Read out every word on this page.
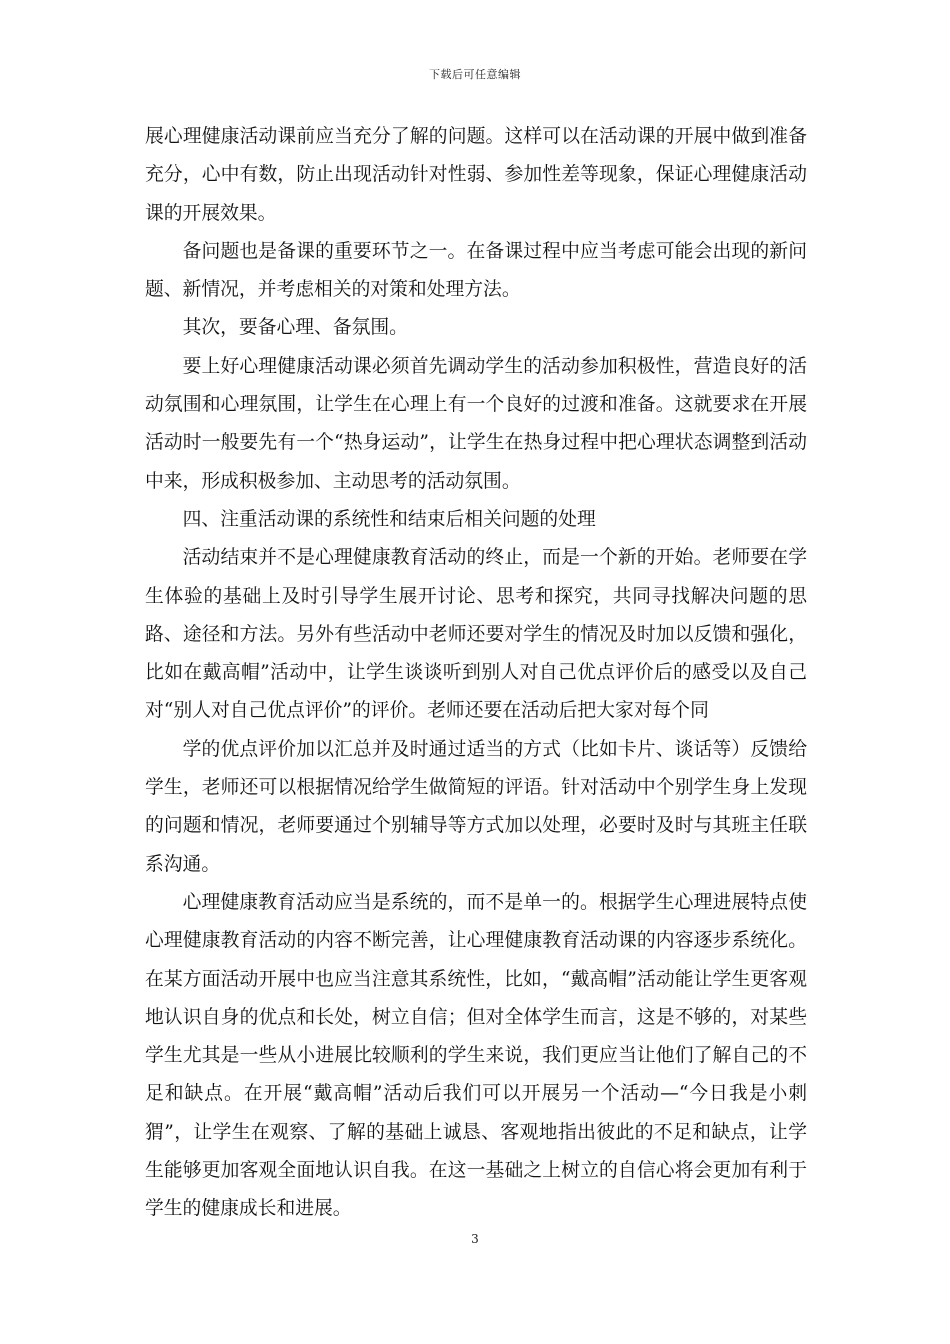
下载后可任意编辑

展心理健康活动课前应当充分了解的问题。这样可以在活动课的开展中做到准备充分，心中有数，防止出现活动针对性弱、参加性差等现象，保证心理健康活动课的开展效果。

备问题也是备课的重要环节之一。在备课过程中应当考虑可能会出现的新问题、新情况，并考虑相关的对策和处理方法。

其次，要备心理、备氛围。

要上好心理健康活动课必须首先调动学生的活动参加积极性，营造良好的活动氛围和心理氛围，让学生在心理上有一个良好的过渡和准备。这就要求在开展活动时一般要先有一个“热身运动”，让学生在热身过程中把心理状态调整到活动中来，形成积极参加、主动思考的活动氛围。

四、注重活动课的系统性和结束后相关问题的处理

活动结束并不是心理健康教育活动的终止，而是一个新的开始。老师要在学生体验的基础上及时引导学生展开讨论、思考和探究，共同寻找解决问题的思路、途径和方法。另外有些活动中老师还要对学生的情况及时加以反馈和强化，比如在戴高帽”活动中，让学生谈谈听到别人对自己优点评价后的感受以及自己对“别人对自己优点评价”的评价。老师还要在活动后把大家对每个同

学的优点评价加以汇总并及时通过适当的方式（比如卡片、谈话等）反馈给学生，老师还可以根据情况给学生做简短的评语。针对活动中个别学生身上发现的问题和情况，老师要通过个别辅导等方式加以处理，必要时及时与其班主任联系沟通。

心理健康教育活动应当是系统的，而不是单一的。根据学生心理进展特点使心理健康教育活动的内容不断完善，让心理健康教育活动课的内容逐步系统化。在某方面活动开展中也应当注意其系统性，比如，“戴高帽”活动能让学生更客观地认识自身的优点和长处，树立自信；但对全体学生而言，这是不够的，对某些学生尤其是一些从小进展比较顺利的学生来说，我们更应当让他们了解自己的不足和缺点。在开展“戴高帽”活动后我们可以开展另一个活动—“今日我是小刺猬”，让学生在观察、了解的基础上诚恳、客观地指出彼此的不足和缺点，让学生能够更加客观全面地认识自我。在这一基础之上树立的自信心将会更加有利于学生的健康成长和进展。

3
